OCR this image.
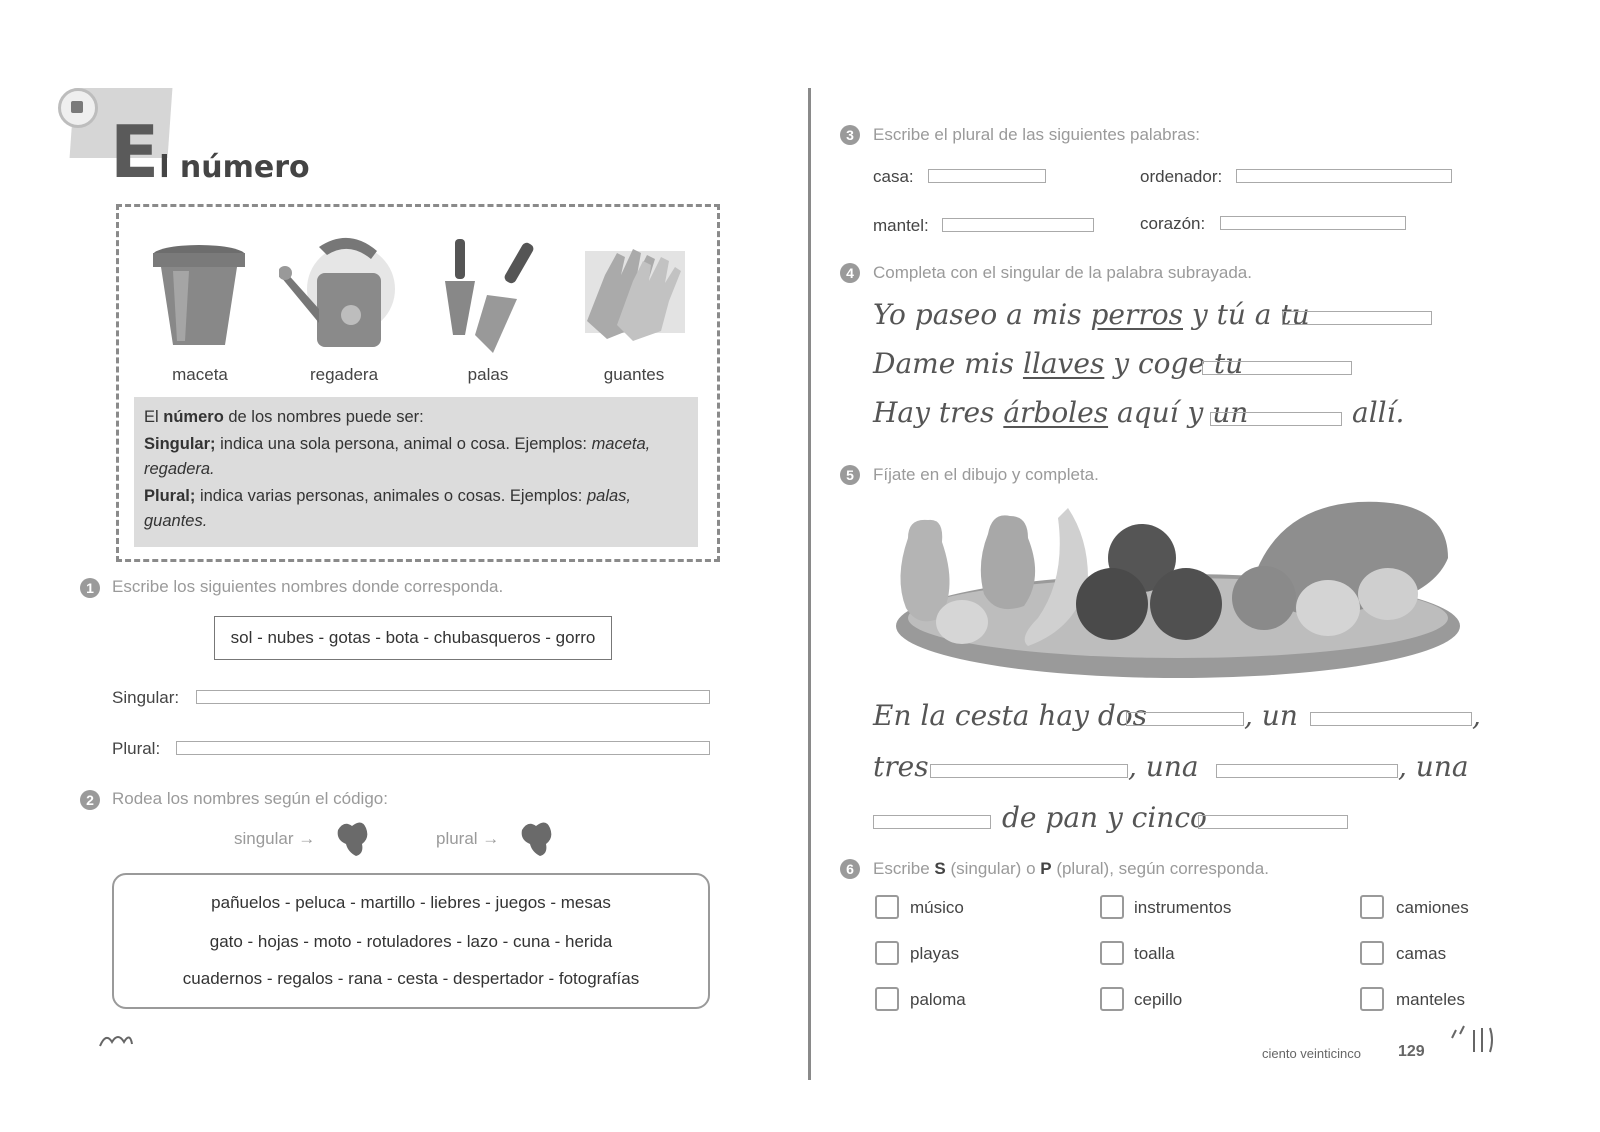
El número
maceta	regadera	palas	guantes

El número de los nombres puede ser:

Singular; indica una sola persona, animal o cosa. Ejemplos: maceta, regadera.

Plural; indica varias personas, animales o cosas. Ejemplos: palas, guantes.

1	Escribe los siguientes nombres donde corresponda.
sol - nubes - gotas - bota - chubasqueros - gorro
Singular:
Plural:
2	Rodea los nombres según el código:
singular →	plural →
pañuelos - peluca - martillo - liebres - juegos - mesas
gato - hojas - moto - rotuladores - lazo - cuna - herida
cuadernos - regalos - rana - cesta - despertador - fotografías
3	Escribe el plural de las siguientes palabras:
casa:	ordenador:
mantel:	corazón:
4	Completa con el singular de la palabra subrayada.
Yo paseo a mis perros y tú a tu
Dame mis llaves y coge tu
Hay tres árboles aquí y un	allí.
5	Fíjate en el dibujo y completa.
En la cesta hay dos	, un	,
tres	, una	, una
de pan y cinco
6	Escribe S (singular) o P (plural), según corresponda.
músico	instrumentos	camiones
playas	toalla	camas
paloma	cepillo	manteles
ciento veinticinco 129
